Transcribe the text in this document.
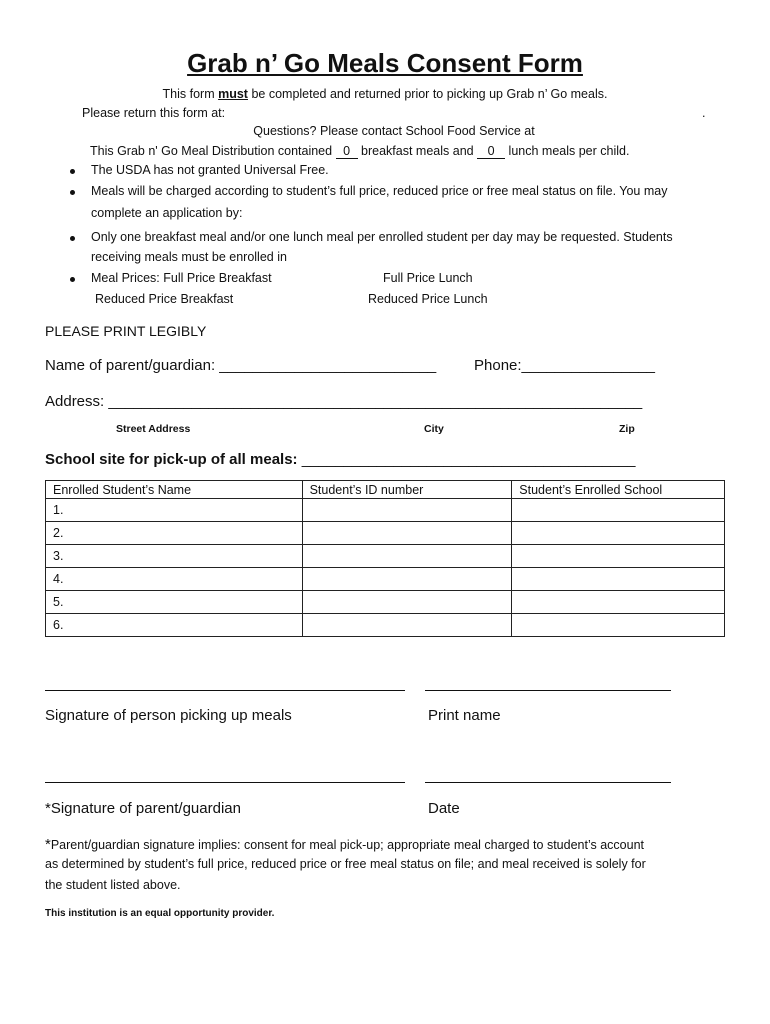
Grab n’ Go Meals Consent Form
This form must be completed and returned prior to picking up Grab n’ Go meals.
Please return this form at:	.
Questions? Please contact School Food Service at
This Grab n' Go Meal Distribution contained 0 breakfast meals and 0 lunch meals per child.
The USDA has not granted Universal Free.
Meals will be charged according to student’s full price, reduced price or free meal status on file. You may
complete an application by:
Only one breakfast meal and/or one lunch meal per enrolled student per day may be requested. Students
receiving meals must be enrolled in
Meal Prices: Full Price Breakfast	Full Price Lunch
Reduced Price Breakfast	Reduced Price Lunch
PLEASE PRINT LEGIBLY
Name of parent/guardian: __________________________	Phone:________________
Address: ________________________________________________________________
Street Address	City	Zip
School site for pick-up of all meals: ________________________________________
Enrolled Student’s Name	Student’s ID number	Student’s Enrolled School
1.		
2.		
3.		
4.		
5.		
6.		
Signature of person picking up meals	Print name
*Signature of parent/guardian	Date
*Parent/guardian signature implies: consent for meal pick-up; appropriate meal charged to student’s account
as determined by student’s full price, reduced price or free meal status on file; and meal received is solely for
the student listed above.
This institution is an equal opportunity provider.
